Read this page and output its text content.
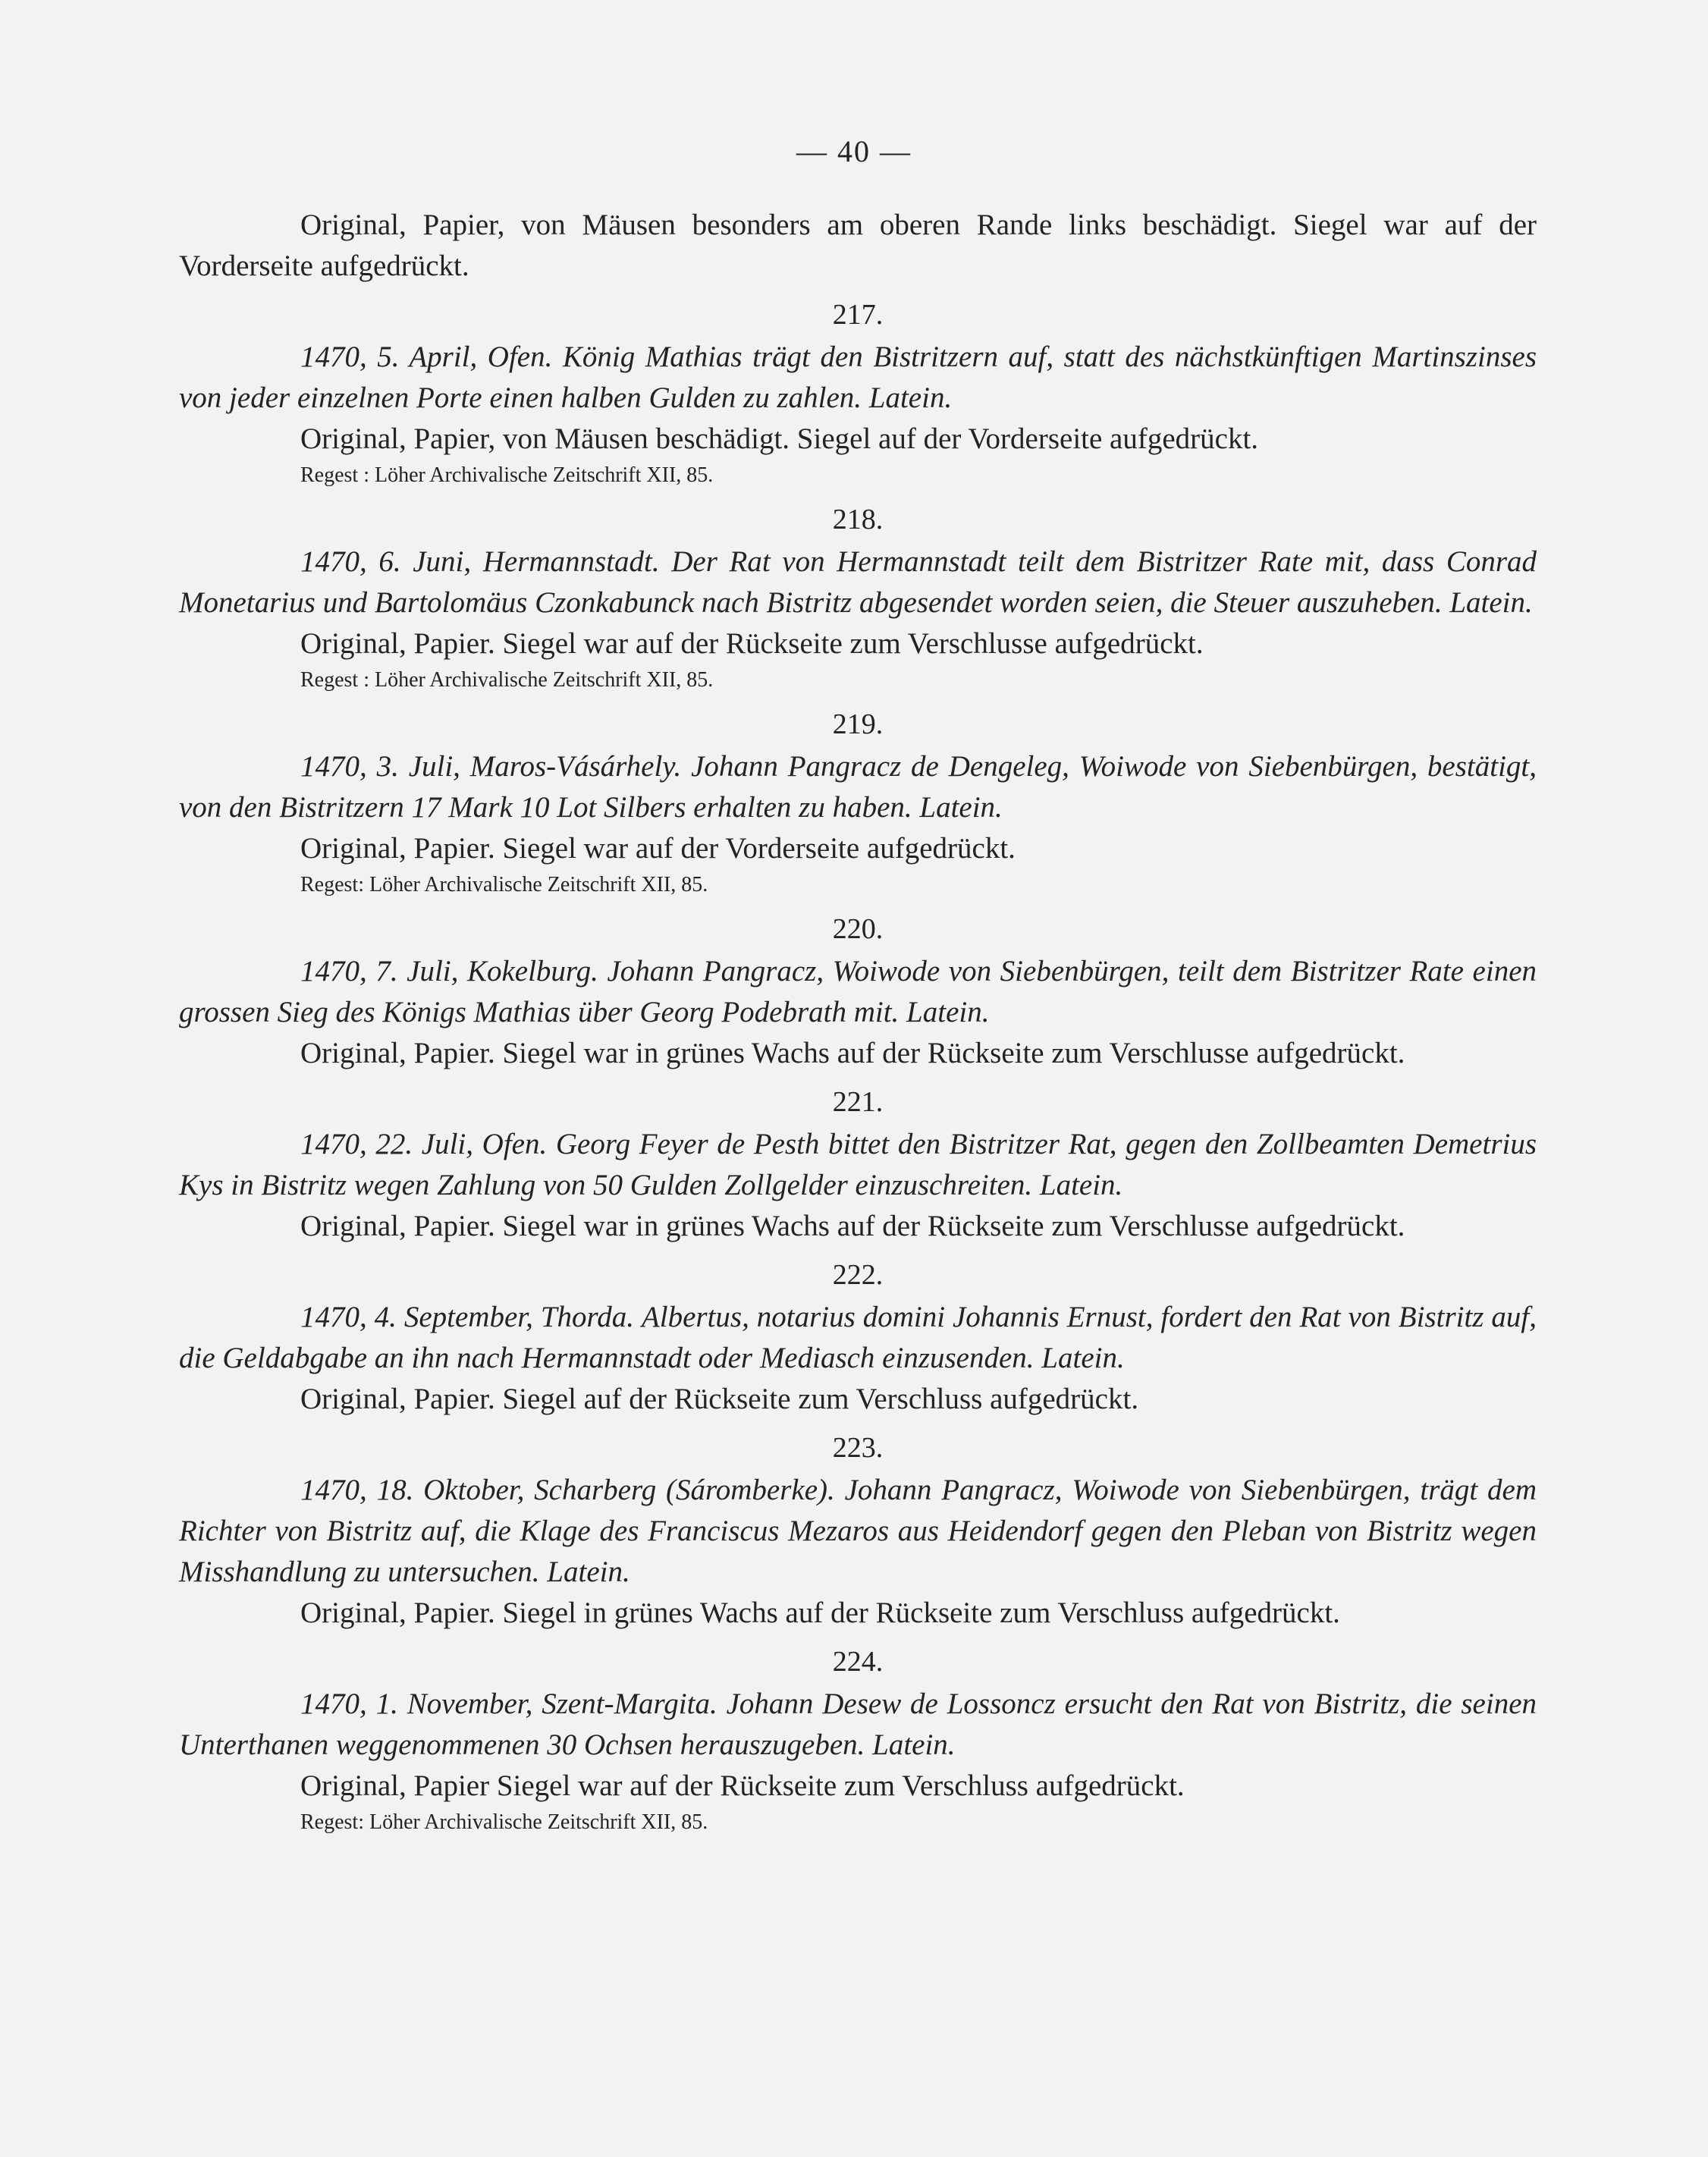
— 40 —

Original, Papier, von Mäusen besonders am oberen Rande links beschädigt. Siegel war auf der Vorderseite aufgedrückt.

217.

1470, 5. April, Ofen. König Mathias trägt den Bistritzern auf, statt des nächstkünftigen Martinszinses von jeder einzelnen Porte einen halben Gulden zu zahlen. Latein.

Original, Papier, von Mäusen beschädigt. Siegel auf der Vorderseite aufgedrückt.

Regest : Löher Archivalische Zeitschrift XII, 85.

218.

1470, 6. Juni, Hermannstadt. Der Rat von Hermannstadt teilt dem Bistritzer Rate mit, dass Conrad Monetarius und Bartolomäus Czonkabunck nach Bistritz abgesendet worden seien, die Steuer auszuheben. Latein.

Original, Papier. Siegel war auf der Rückseite zum Verschlusse aufgedrückt.

Regest : Löher Archivalische Zeitschrift XII, 85.

219.

1470, 3. Juli, Maros-Vásárhely. Johann Pangracz de Dengeleg, Woiwode von Siebenbürgen, bestätigt, von den Bistritzern 17 Mark 10 Lot Silbers erhalten zu haben. Latein.

Original, Papier. Siegel war auf der Vorderseite aufgedrückt.

Regest: Löher Archivalische Zeitschrift XII, 85.

220.

1470, 7. Juli, Kokelburg. Johann Pangracz, Woiwode von Siebenbürgen, teilt dem Bistritzer Rate einen grossen Sieg des Königs Mathias über Georg Podebrath mit. Latein.

Original, Papier. Siegel war in grünes Wachs auf der Rückseite zum Verschlusse aufgedrückt.

221.

1470, 22. Juli, Ofen. Georg Feyer de Pesth bittet den Bistritzer Rat, gegen den Zollbeamten Demetrius Kys in Bistritz wegen Zahlung von 50 Gulden Zollgelder einzuschreiten. Latein.

Original, Papier. Siegel war in grünes Wachs auf der Rückseite zum Verschlusse aufgedrückt.

222.

1470, 4. September, Thorda. Albertus, notarius domini Johannis Ernust, fordert den Rat von Bistritz auf, die Geldabgabe an ihn nach Hermannstadt oder Mediasch einzusenden. Latein.

Original, Papier. Siegel auf der Rückseite zum Verschluss aufgedrückt.

223.

1470, 18. Oktober, Scharberg (Sáromberke). Johann Pangracz, Woiwode von Siebenbürgen, trägt dem Richter von Bistritz auf, die Klage des Franciscus Mezaros aus Heidendorf gegen den Pleban von Bistritz wegen Misshandlung zu untersuchen. Latein.

Original, Papier. Siegel in grünes Wachs auf der Rückseite zum Verschluss aufgedrückt.

224.

1470, 1. November, Szent-Margita. Johann Desew de Lossoncz ersucht den Rat von Bistritz, die seinen Unterthanen weggenommenen 30 Ochsen herauszugeben. Latein.

Original, Papier Siegel war auf der Rückseite zum Verschluss aufgedrückt.

Regest: Löher Archivalische Zeitschrift XII, 85.
